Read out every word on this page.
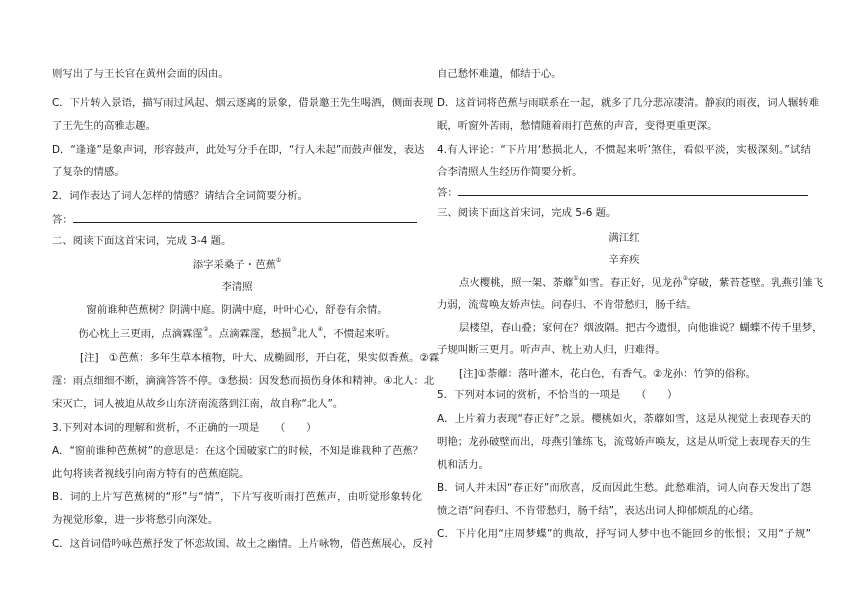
则写出了与王长官在黄州会面的因由。
C．下片转入景语，描写雨过风起、烟云逐离的景象，借景邀王先生喝酒，侧面表现
了王先生的高雅志趣。
D．“逢逢”是象声词，形容鼓声，此处写分手在即，“行人未起”而鼓声催发，表达
了复杂的情感。
2．词作表达了词人怎样的情感？请结合全词简要分析。
答：
二、阅读下面这首宋词，完成 3-4 题。
添字采桑子・芭蕉①
李清照
窗前谁种芭蕉树？阴满中庭。阴满中庭，叶叶心心，舒卷有余情。
伤心枕上三更雨，点滴霖霪②。点滴霖霪，愁损③北人④，不惯起来听。
[注]　①芭蕉：多年生草本植物，叶大、成椭圆形，开白花，果实似香蕉。②霖
霪：雨点细细不断，滴滴答答不停。③愁损：因发愁而损伤身体和精神。④北人：北
宋灭亡，词人被迫从故乡山东济南流落到江南，故自称“北人”。
3.下列对本词的理解和赏析，不正确的一项是　　（　　）
A．“窗前谁种芭蕉树”的意思是：在这个国破家亡的时候，不知是谁栽种了芭蕉？
此句将读者视线引向南方特有的芭蕉庭院。
B．词的上片写芭蕉树的“形”与“情”，下片写夜听雨打芭蕉声，由听觉形象转化
为视觉形象，进一步将愁引向深处。
C．这首词借吟咏芭蕉抒发了怀恋故国、故土之幽情。上片咏物，借芭蕉展心，反衬
自己愁怀难遣，郁结于心。
D．这首词将芭蕉与雨联系在一起，就多了几分悲凉凄清。静寂的雨夜，词人辗转难
眠，听窗外苦雨，愁情随着雨打芭蕉的声音，变得更重更深。
4.有人评论：“下片用‘愁损北人，不惯起来听’煞住，看似平淡，实极深刻。”试结
合李清照人生经历作简要分析。
答：
三、阅读下面这首宋词，完成 5-6 题。
满江红
辛弃疾
点火樱桃，照一架、荼蘼①如雪。春正好，见龙孙②穿破，紫苔苍壁。乳燕引雏飞
力弱，流莺唤友娇声怯。问春归、不肯带愁归，肠千结。
层楼望，春山叠；家何在？烟波隔。把古今遗恨，向他谁说？蝴蝶不传千里梦，
子规叫断三更月。听声声、枕上劝人归，归难得。
[注]①荼蘼：落叶灌木，花白色，有香气。②龙孙：竹笋的俗称。
5．下列对本词的赏析，不恰当的一项是　　（　　）
A．上片着力表现“春正好”之景。樱桃如火，荼蘼如雪，这是从视觉上表现春天的
明艳；龙孙破壁而出，母燕引雏练飞，流莺娇声唤友，这是从听觉上表现春天的生
机和活力。
B．词人并未因“春正好”而欣喜，反而因此生愁。此愁难消，词人向春天发出了怨
愤之语“问春归、不肯带愁归，肠千结”，表达出词人抑郁烦乱的心绪。
C．下片化用“庄周梦蝶”的典故，抒写词人梦中也不能回乡的怅恨；又用“子规”
